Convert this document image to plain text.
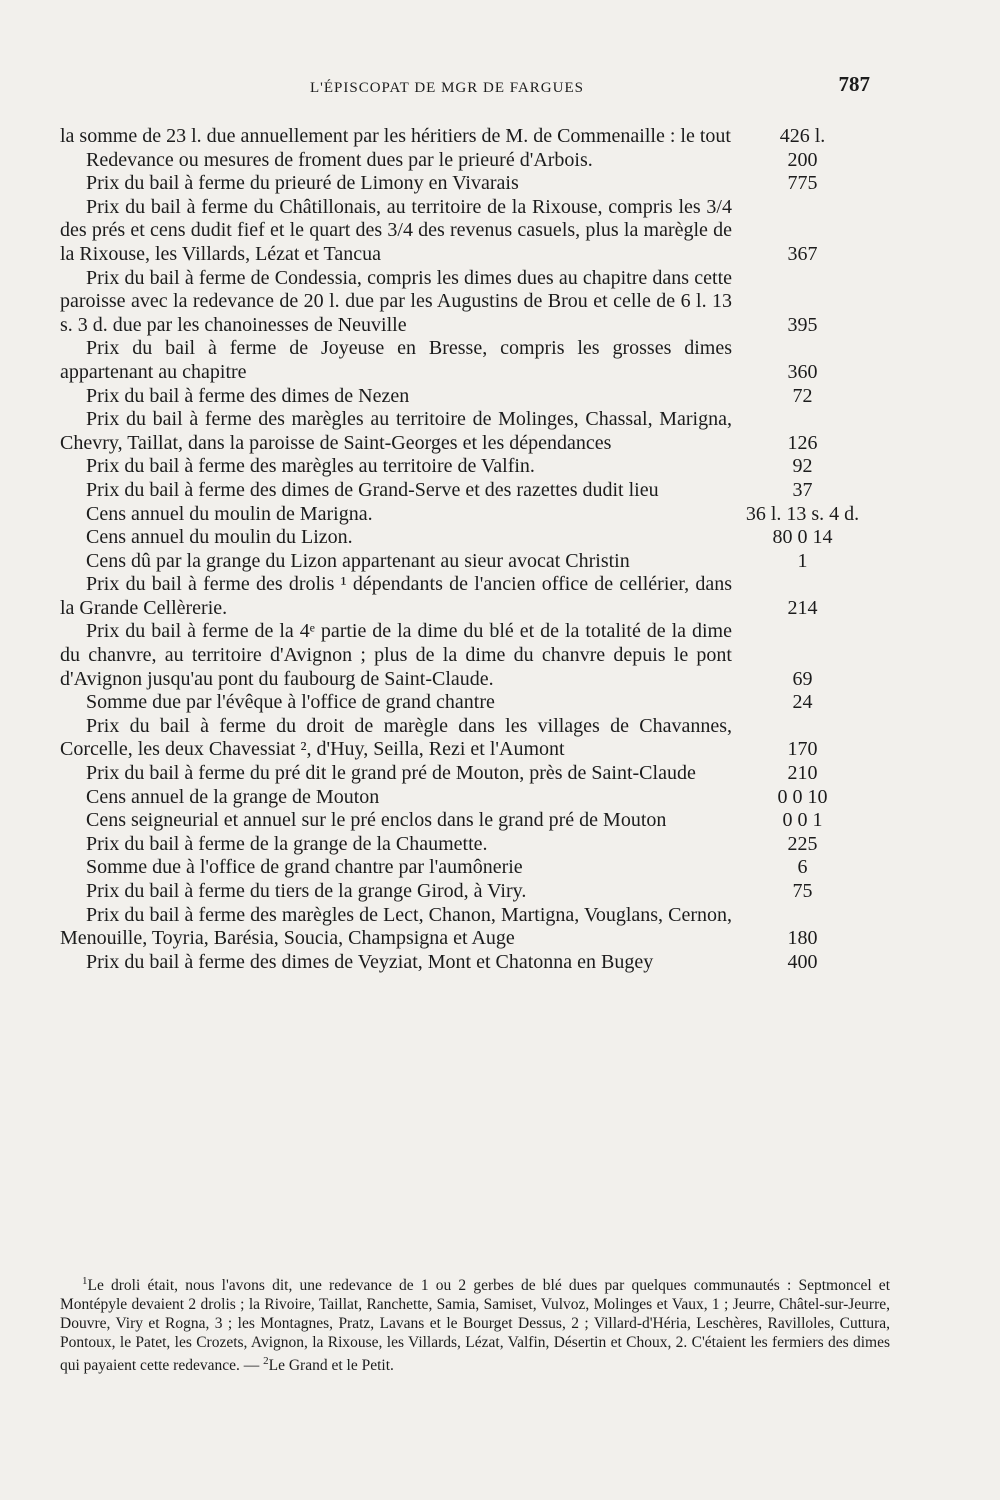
L'ÉPISCOPAT DE MGR DE FARGUES	787
la somme de 23 l. due annuellement par les héritiers de M. de Commenaille : le tout	426 l.
Redevance ou mesures de froment dues par le prieuré d'Arbois.	200
Prix du bail à ferme du prieuré de Limony en Vivarais	775
Prix du bail à ferme du Châtillonais, au territoire de la Rixouse, compris les 3/4 des prés et cens dudit fief et le quart des 3/4 des revenus casuels, plus la marègle de la Rixouse, les Villards, Lézat et Tancua	367
Prix du bail à ferme de Condessia, compris les dimes dues au chapitre dans cette paroisse avec la redevance de 20 l. due par les Augustins de Brou et celle de 6 l. 13 s. 3 d. due par les chanoinesses de Neuville	395
Prix du bail à ferme de Joyeuse en Bresse, compris les grosses dimes appartenant au chapitre	360
Prix du bail à ferme des dimes de Nezen	72
Prix du bail à ferme des marègles au territoire de Molinges, Chassal, Marigna, Chevry, Taillat, dans la paroisse de Saint-Georges et les dépendances	126
Prix du bail à ferme des marègles au territoire de Valfin.	92
Prix du bail à ferme des dimes de Grand-Serve et des razettes dudit lieu	37
Cens annuel du moulin de Marigna.	36 l. 13 s. 4 d.
Cens annuel du moulin du Lizon.	80 0 14
Cens dû par la grange du Lizon appartenant au sieur avocat Christin	1
Prix du bail à ferme des drolis ¹ dépendants de l'ancien office de cellérier, dans la Grande Cellèrerie.	214
Prix du bail à ferme de la 4ᵉ partie de la dime du blé et de la totalité de la dime du chanvre, au territoire d'Avignon ; plus de la dime du chanvre depuis le pont d'Avignon jusqu'au pont du faubourg de Saint-Claude.	69
Somme due par l'évêque à l'office de grand chantre	24
Prix du bail à ferme du droit de marègle dans les villages de Chavannes, Corcelle, les deux Chavessiat ², d'Huy, Seilla, Rezi et l'Aumont	170
Prix du bail à ferme du pré dit le grand pré de Mouton, près de Saint-Claude	210
Cens annuel de la grange de Mouton	0 0 10
Cens seigneurial et annuel sur le pré enclos dans le grand pré de Mouton	0 0 1
Prix du bail à ferme de la grange de la Chaumette.	225
Somme due à l'office de grand chantre par l'aumônerie	6
Prix du bail à ferme du tiers de la grange Girod, à Viry.	75
Prix du bail à ferme des marègles de Lect, Chanon, Martigna, Vouglans, Cernon, Menouille, Toyria, Barésia, Soucia, Champsigna et Auge	180
Prix du bail à ferme des dimes de Veyziat, Mont et Chatonna en Bugey	400

$^1$Le droli était, nous l'avons dit, une redevance de 1 ou 2 gerbes de blé dues par quelques communautés : Septmoncel et Montépyle devaient 2 drolis ; la Rivoire, Taillat, Ranchette, Samia, Samiset, Vulvoz, Molinges et Vaux, 1 ; Jeurre, Châtel-sur-Jeurre, Douvre, Viry et Rogna, 3 ; les Montagnes, Pratz, Lavans et le Bourget Dessus, 2 ; Villard-d'Héria, Leschères, Ravilloles, Cuttura, Pontoux, le Patet, les Crozets, Avignon, la Rixouse, les Villards, Lézat, Valfin, Désertin et Choux, 2. C'étaient les fermiers des dimes qui payaient cette redevance. — $^2$Le Grand et le Petit.
